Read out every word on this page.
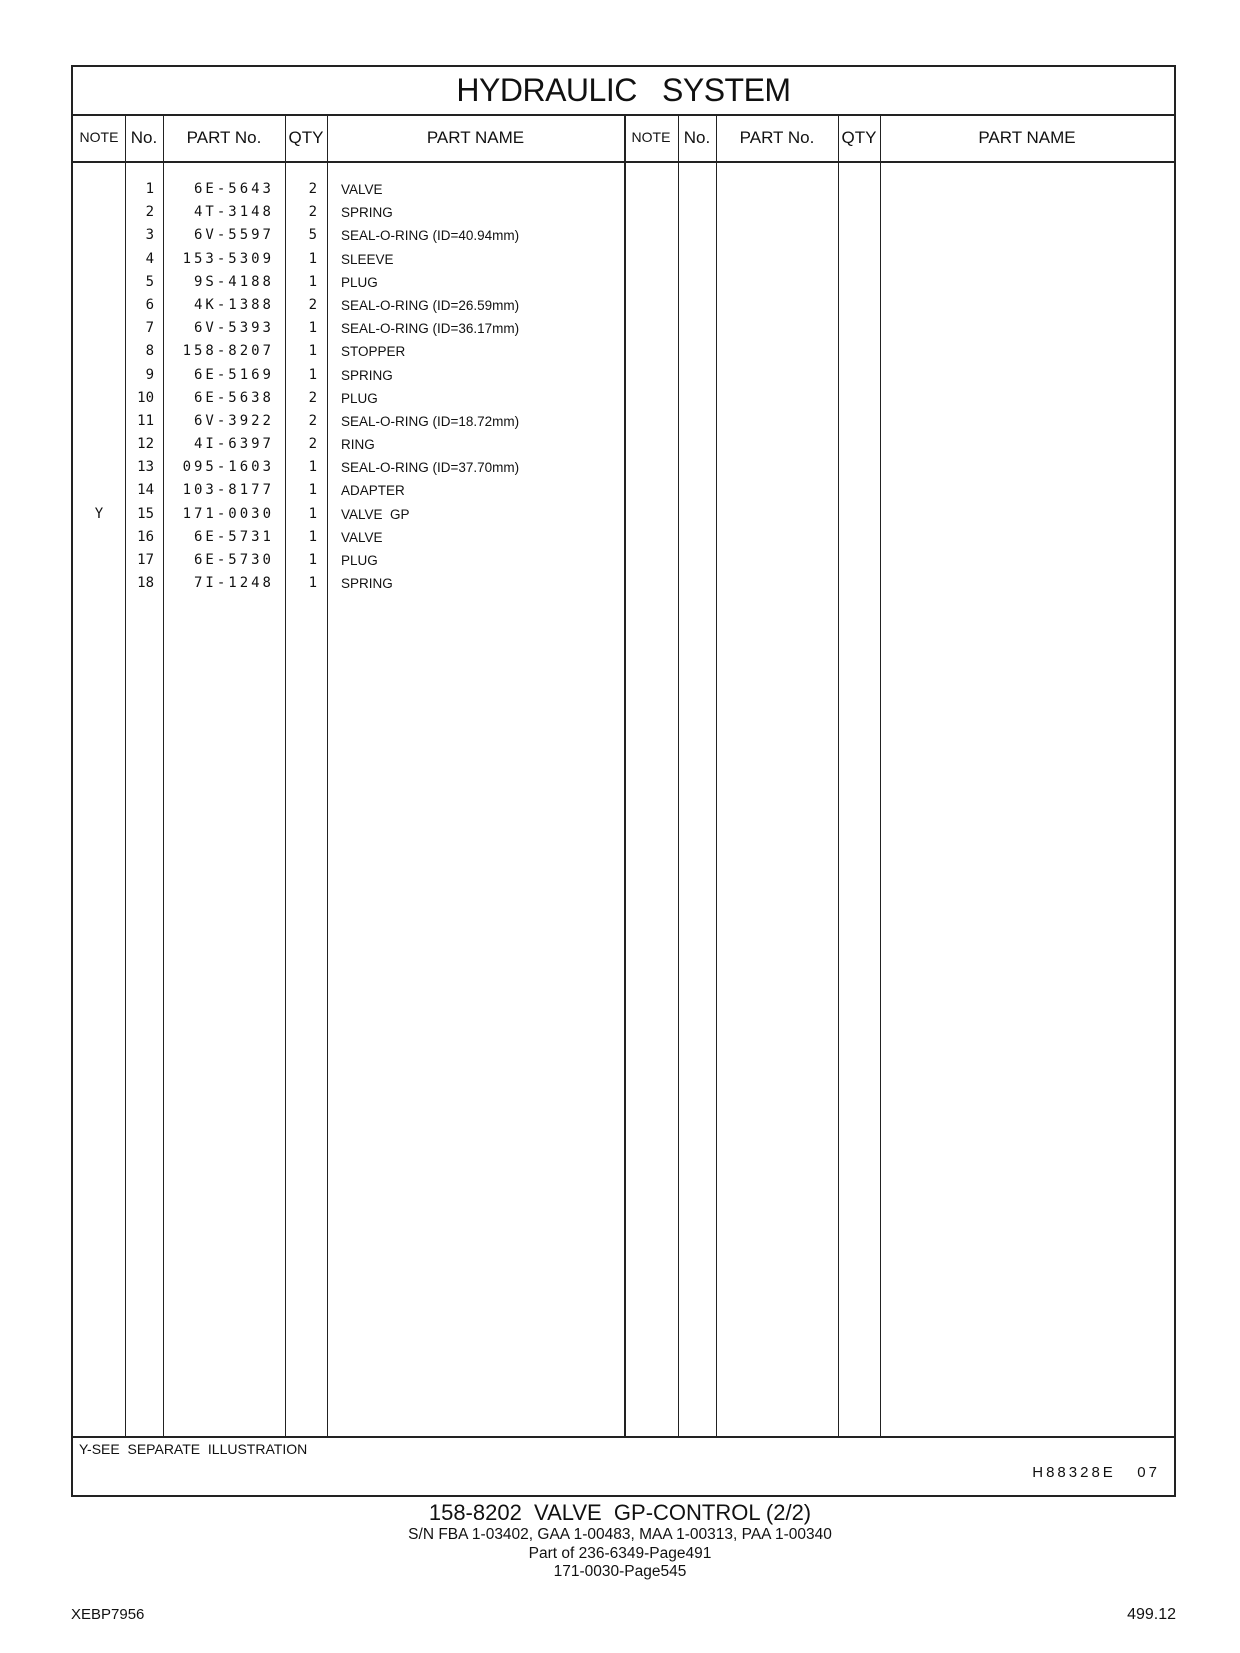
HYDRAULIC   SYSTEM
NOTE No.	PART No.	QTY	PART NAME	NOTE No.	PART No.	QTY	PART NAME
1	6E-5643	2 VALVE
2	4T-3148	2 SPRING
3	6V-5597	5 SEAL-O-RING (ID=40.94mm)
4	153-5309	1 SLEEVE
5	9S-4188	1 PLUG
6	4K-1388	2 SEAL-O-RING (ID=26.59mm)
7	6V-5393	1 SEAL-O-RING (ID=36.17mm)
8	158-8207	1 STOPPER
9	6E-5169	1 SPRING
10	6E-5638	2 PLUG
11	6V-3922	2 SEAL-O-RING (ID=18.72mm)
12	4I-6397	2 RING
13	095-1603	1 SEAL-O-RING (ID=37.70mm)
14	103-8177	1 ADAPTER
Y	15	171-0030	1 VALVE  GP
16	6E-5731	1 VALVE
17	6E-5730	1 PLUG
18	7I-1248	1 SPRING
Y-SEE  SEPARATE  ILLUSTRATION
H88328E   07
158-8202  VALVE  GP-CONTROL (2/2)
S/N FBA 1-03402, GAA 1-00483, MAA 1-00313, PAA 1-00340
Part of 236-6349-Page491
171-0030-Page545
XEBP7956	499.12
